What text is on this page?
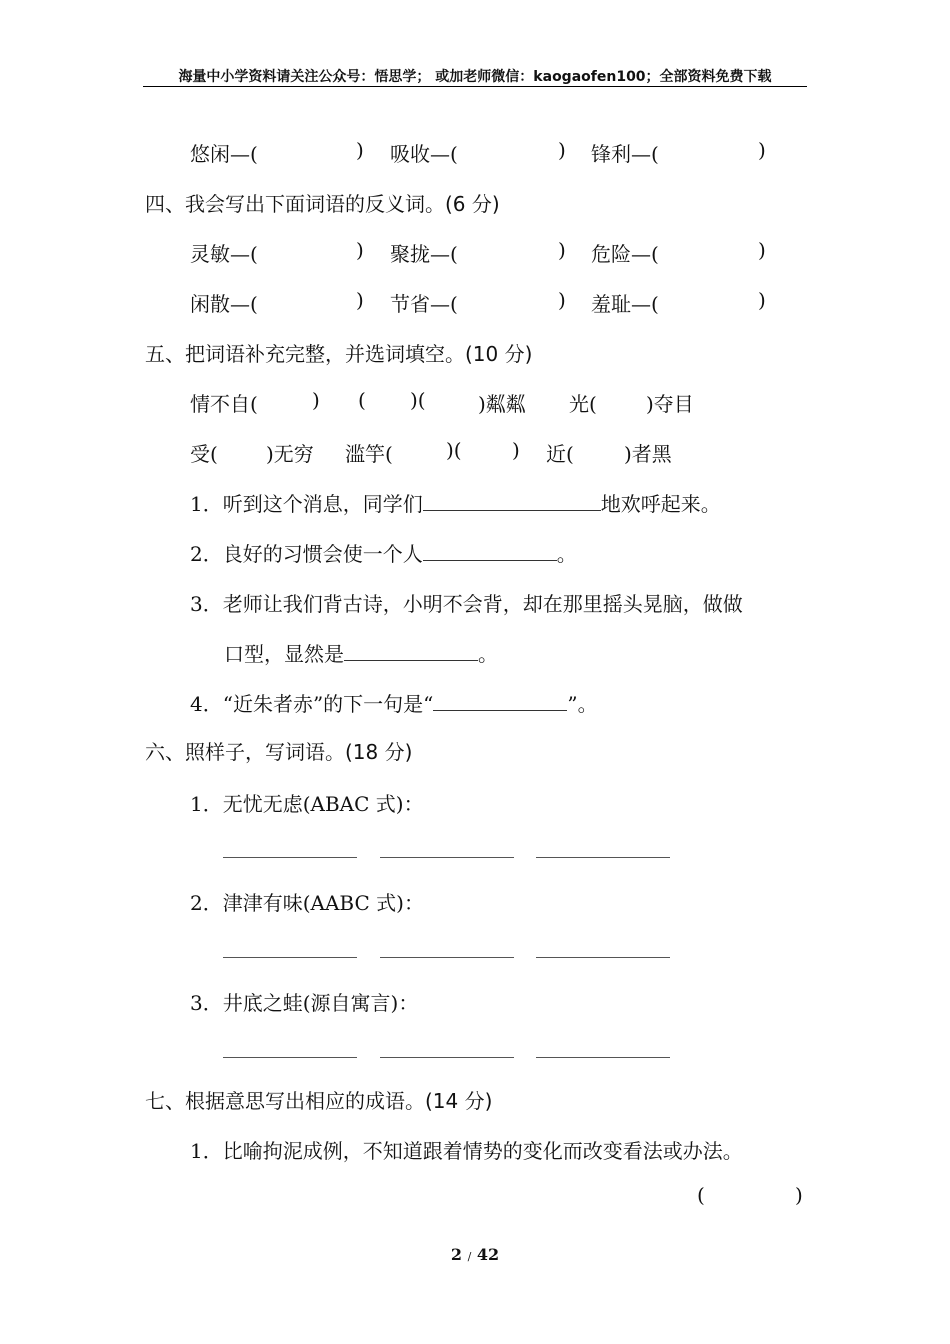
海量中小学资料请关注公众号：悟思学； 或加老师微信：kaogaofen100；全部资料免费下载
悠闲—(	) 吸收—(	) 锋利—(	)
四、我会写出下面词语的反义词。(6 分)
灵敏—(	) 聚拢—(	) 危险—(	)
闲散—(	) 节省—(	) 羞耻—(	)
五、把词语补充完整，并选词填空。(10 分)
情不自(	) ( )(	)粼粼 光( )夺目
受( )无穷 滥竽(	)(	) 近(	)者黑
1．听到这个消息，同学们	地欢呼起来。
2．良好的习惯会使一个人	。
3．老师让我们背古诗，小明不会背，却在那里摇头晃脑，做做
口型，显然是	。
4．“近朱者赤”的下一句是“	”。
六、照样子，写词语。(18 分)
1．无忧无虑(ABAC 式)：
2．津津有味(AABC 式)：
3．井底之蛙(源自寓言)：
七、根据意思写出相应的成语。(14 分)
1．比喻拘泥成例，不知道跟着情势的变化而改变看法或办法。
(	)
2 / 42
